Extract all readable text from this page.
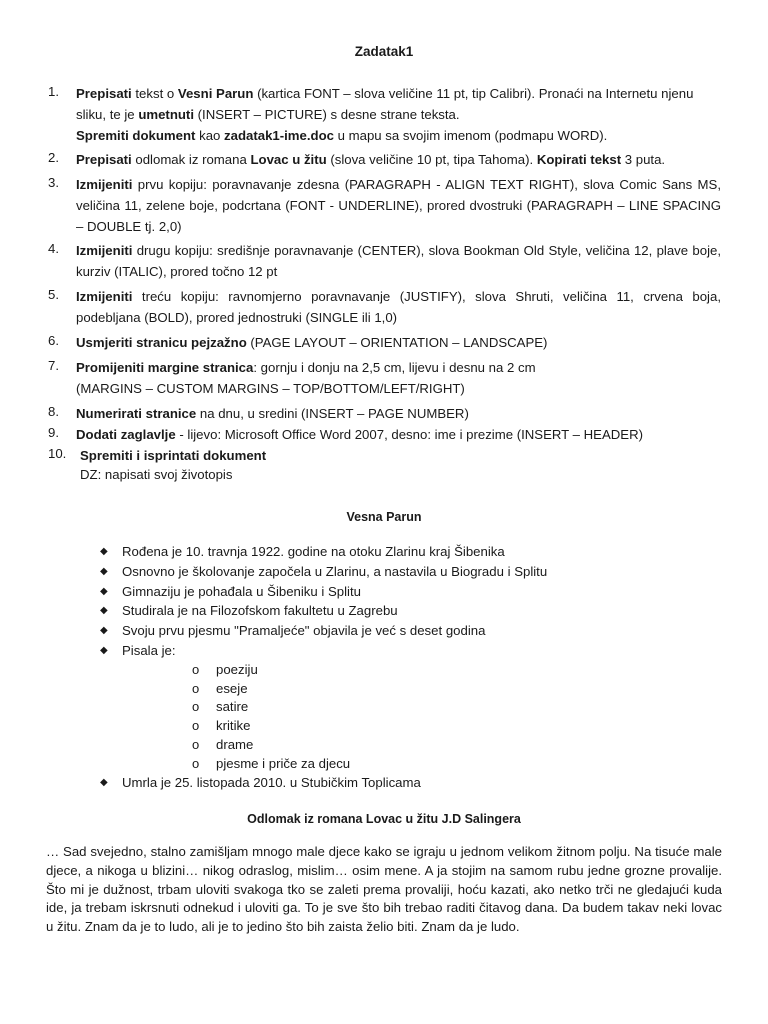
Zadatak1
1.	Prepisati tekst o Vesni Parun (kartica FONT – slova veličine 11 pt, tip Calibri). Pronaći na Internetu njenu sliku, te je umetnuti (INSERT – PICTURE) s desne strane teksta.
Spremiti dokument kao zadatak1-ime.doc u mapu sa svojim imenom (podmapu WORD).
2.	Prepisati odlomak iz romana Lovac u žitu (slova veličine 10 pt, tipa Tahoma). Kopirati tekst 3 puta.
3.	Izmijeniti prvu kopiju: poravnavanje zdesna (PARAGRAPH - ALIGN TEXT RIGHT), slova Comic Sans MS, veličina 11, zelene boje, podcrtana (FONT - UNDERLINE), prored dvostruki (PARAGRAPH – LINE SPACING – DOUBLE tj. 2,0)
4.	Izmijeniti drugu kopiju: središnje poravnavanje (CENTER), slova Bookman Old Style, veličina 12, plave boje, kurziv (ITALIC), prored točno 12 pt
5.	Izmijeniti treću kopiju: ravnomjerno poravnavanje (JUSTIFY), slova Shruti, veličina 11, crvena boja, podebljana (BOLD), prored jednostruki (SINGLE ili 1,0)
6.	Usmjeriti stranicu pejzažno (PAGE LAYOUT – ORIENTATION – LANDSCAPE)
7.	Promijeniti margine stranica: gornju i donju na 2,5 cm, lijevu i desnu na 2 cm
(MARGINS – CUSTOM MARGINS – TOP/BOTTOM/LEFT/RIGHT)
8.	Numerirati stranice na dnu, u sredini (INSERT – PAGE NUMBER)
9.	Dodati zaglavlje - lijevo: Microsoft Office Word 2007, desno: ime i prezime (INSERT – HEADER)
10. Spremiti i isprintati dokument
DZ: napisati svoj životopis
Vesna Parun
◆ Rođena je 10. travnja 1922. godine na otoku Zlarinu kraj Šibenika
◆ Osnovno je školovanje započela u Zlarinu, a nastavila u Biogradu i Splitu
◆ Gimnaziju je pohađala u Šibeniku i Splitu
◆ Studirala je na Filozofskom fakultetu u Zagrebu
◆ Svoju prvu pjesmu "Pramaljeće" objavila je već s deset godina
◆ Pisala je:
o poeziju
o eseje
o satire
o kritike
o drame
o pjesme i priče za djecu
◆ Umrla je 25. listopada 2010. u Stubičkim Toplicama
Odlomak iz romana Lovac u žitu J.D Salingera
… Sad svejedno, stalno zamišljam mnogo male djece kako se igraju u jednom velikom žitnom polju. Na tisuće male djece, a nikoga u blizini… nikog odraslog, mislim… osim mene. A ja stojim na samom rubu jedne grozne provalije. Što mi je dužnost, trbam uloviti svakoga tko se zaleti prema provaliji, hoću kazati, ako netko trči ne gledajući kuda ide, ja trebam iskrsnuti odnekud i uloviti ga. To je sve što bih trebao raditi čitavog dana. Da budem takav neki lovac u žitu. Znam da je to ludo, ali je to jedino što bih zaista želio biti. Znam da je ludo.
